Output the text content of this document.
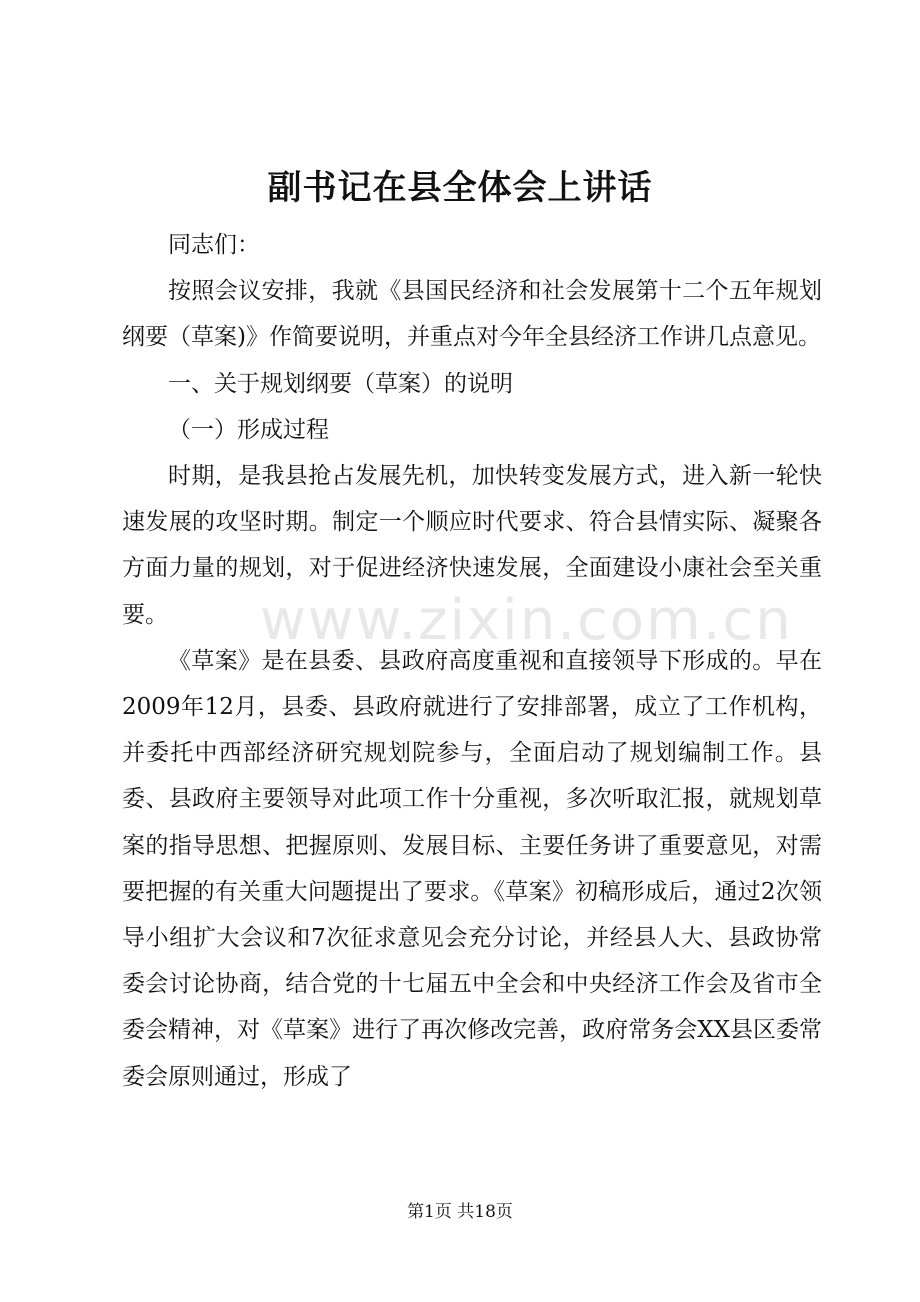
副书记在县全体会上讲话

同志们：

按照会议安排，我就《县国民经济和社会发展第十二个五年规划纲要（草案)》作简要说明，并重点对今年全县经济工作讲几点意见。

一、关于规划纲要（草案）的说明

（一）形成过程

时期，是我县抢占发展先机，加快转变发展方式，进入新一轮快速发展的攻坚时期。制定一个顺应时代要求、符合县情实际、凝聚各方面力量的规划，对于促进经济快速发展，全面建设小康社会至关重要。

《草案》是在县委、县政府高度重视和直接领导下形成的。早在2009年12月，县委、县政府就进行了安排部署，成立了工作机构，并委托中西部经济研究规划院参与，全面启动了规划编制工作。县委、县政府主要领导对此项工作十分重视，多次听取汇报，就规划草案的指导思想、把握原则、发展目标、主要任务讲了重要意见，对需要把握的有关重大问题提出了要求。《草案》初稿形成后，通过2次领导小组扩大会议和7次征求意见会充分讨论，并经县人大、县政协常委会讨论协商，结合党的十七届五中全会和中央经济工作会及省市全委会精神，对《草案》进行了再次修改完善，政府常务会XX县区委常委会原则通过，形成了

www.zixin.com.cn
第1页 共18页
